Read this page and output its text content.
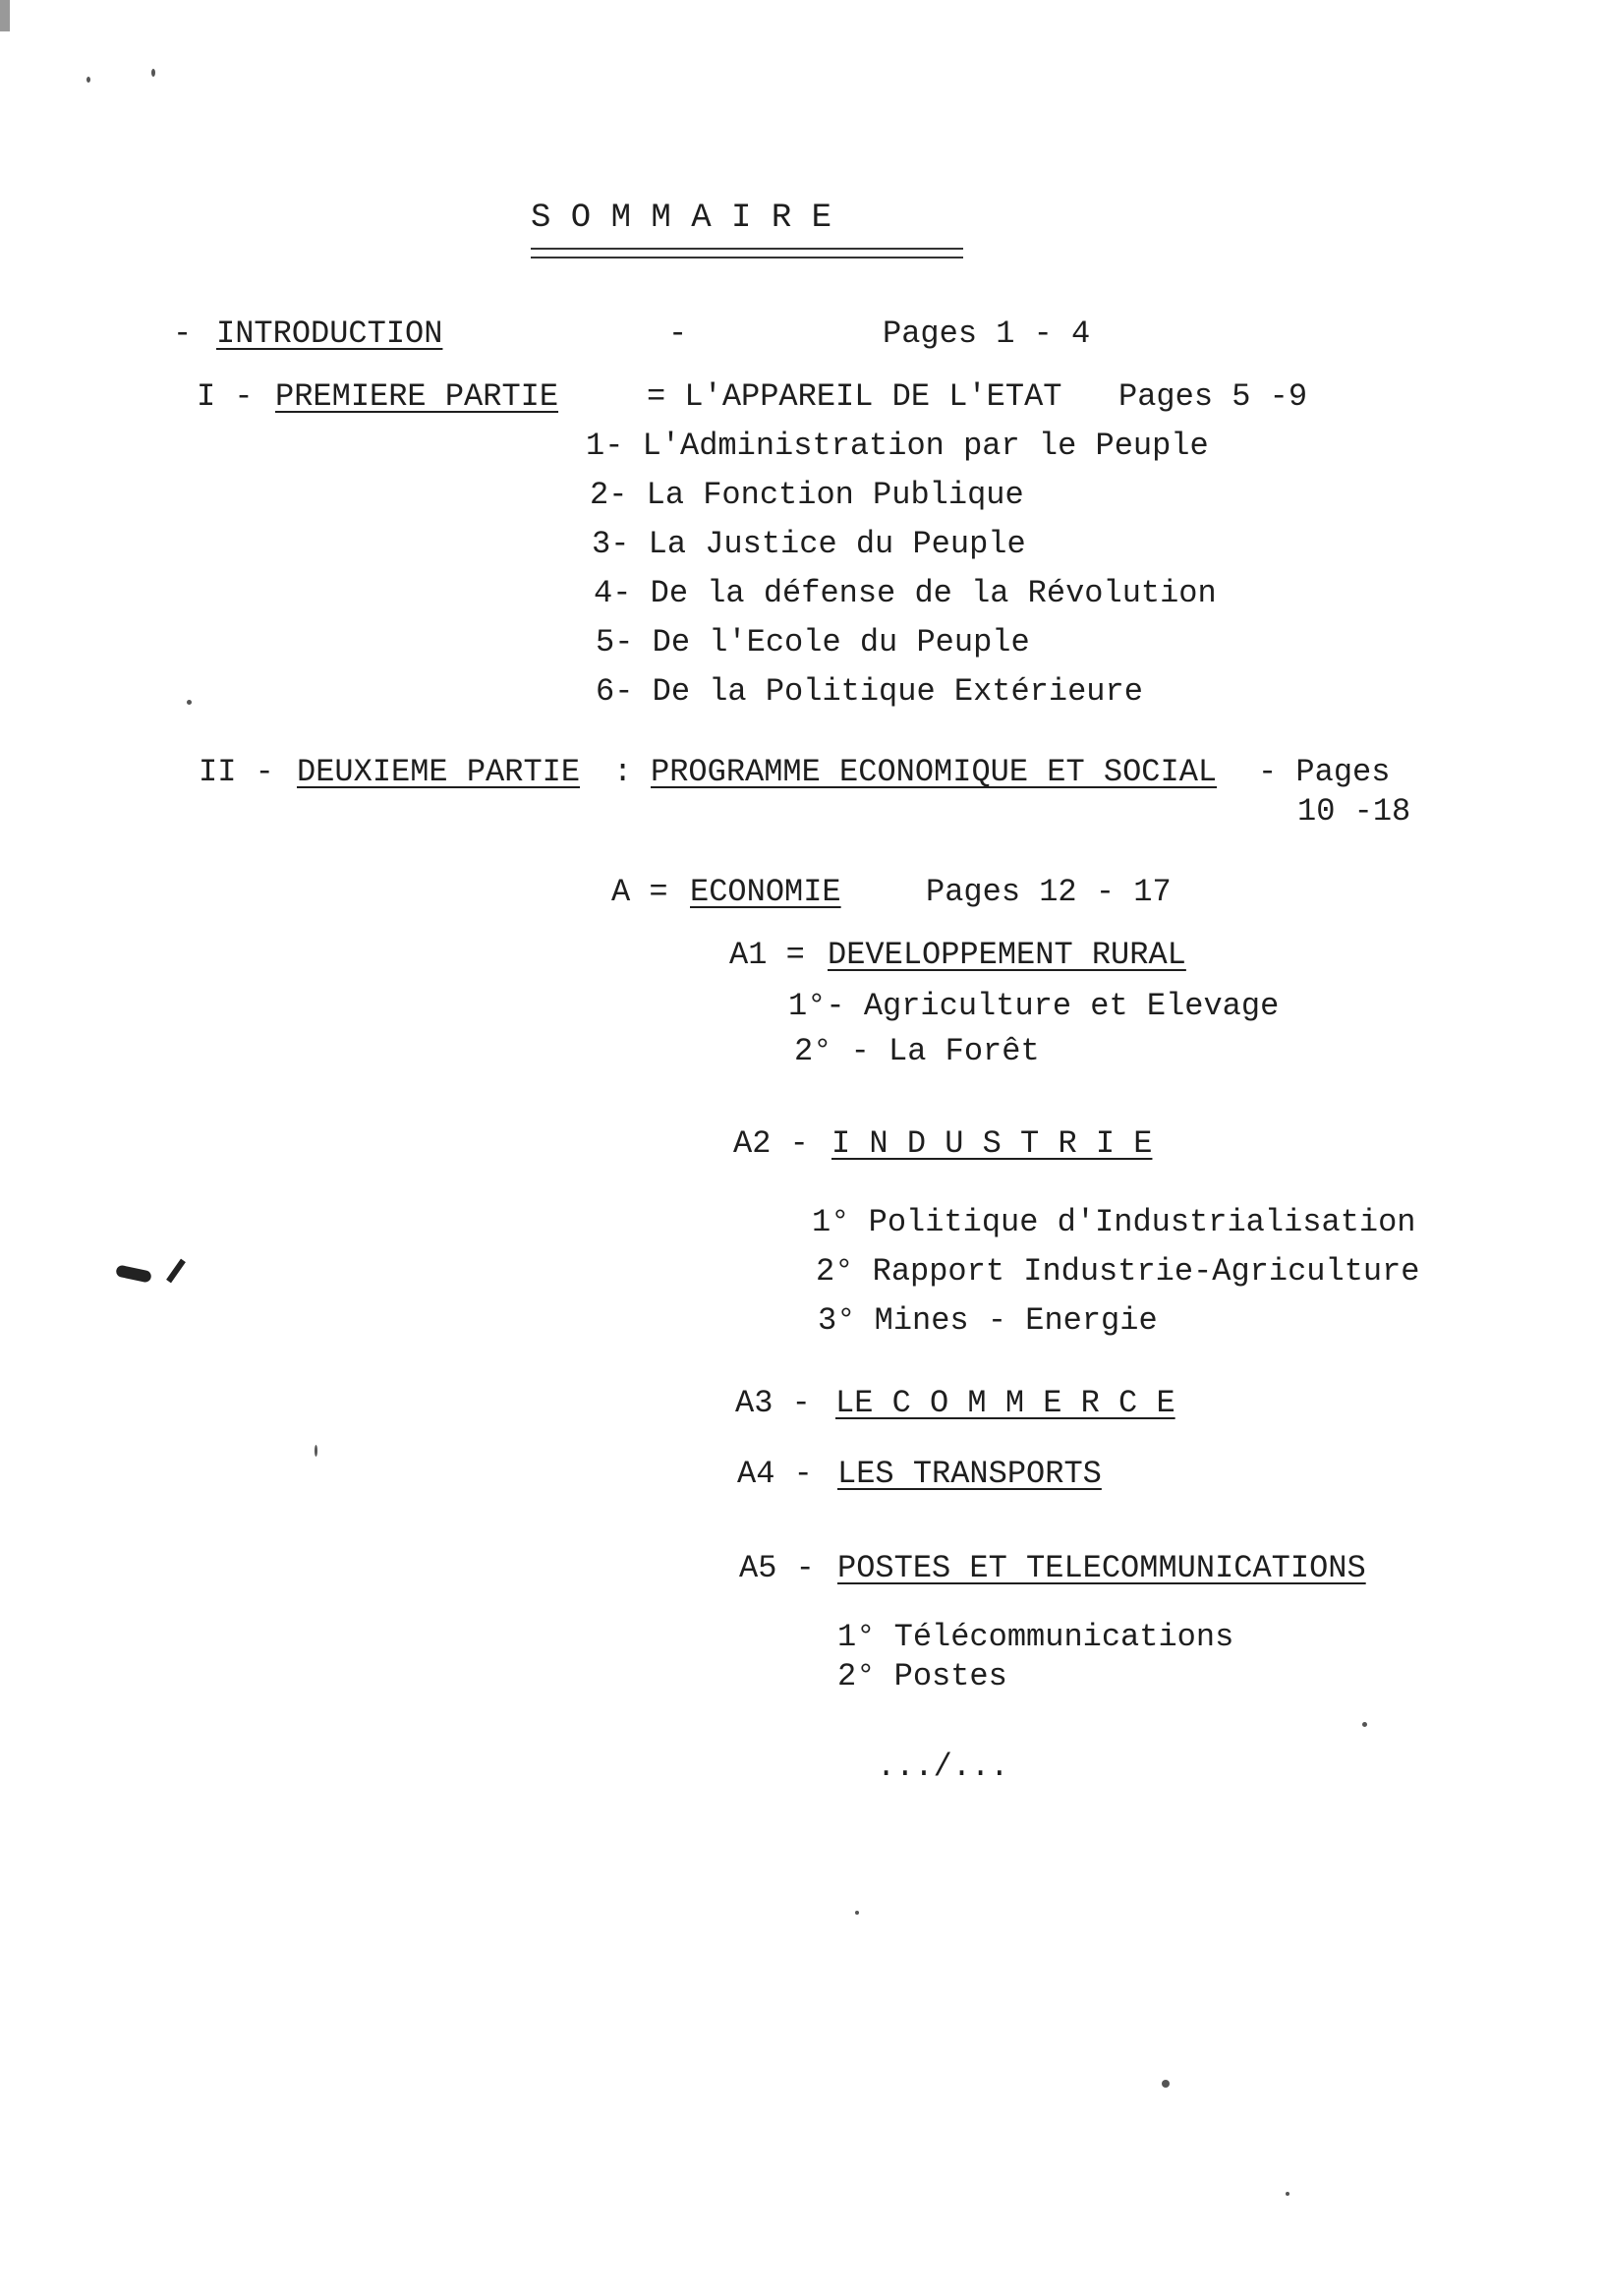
S O M M A I R E
- INTRODUCTION	-	Pages 1 - 4
I - PREMIERE PARTIE	= L'APPAREIL DE L'ETAT Pages 5 -9
1- L'Administration par le Peuple
2- La Fonction Publique
3- La Justice du Peuple
4- De la défense de la Révolution
5- De l'Ecole du Peuple
6- De la Politique Extérieure
II - DEUXIEME PARTIE : PROGRAMME ECONOMIQUE ET SOCIAL - Pages
10 -18
A = ECONOMIE	Pages 12 - 17
A1 = DEVELOPPEMENT RURAL
1°- Agriculture et Elevage
2° - La Forêt
A2 - I N D U S T R I E
1° Politique d'Industrialisation
2° Rapport Industrie-Agriculture
3° Mines - Energie
A3 - LE C O M M E R C E
A4 - LES TRANSPORTS
A5 - POSTES ET TELECOMMUNICATIONS
1° Télécommunications
2° Postes
.../...
